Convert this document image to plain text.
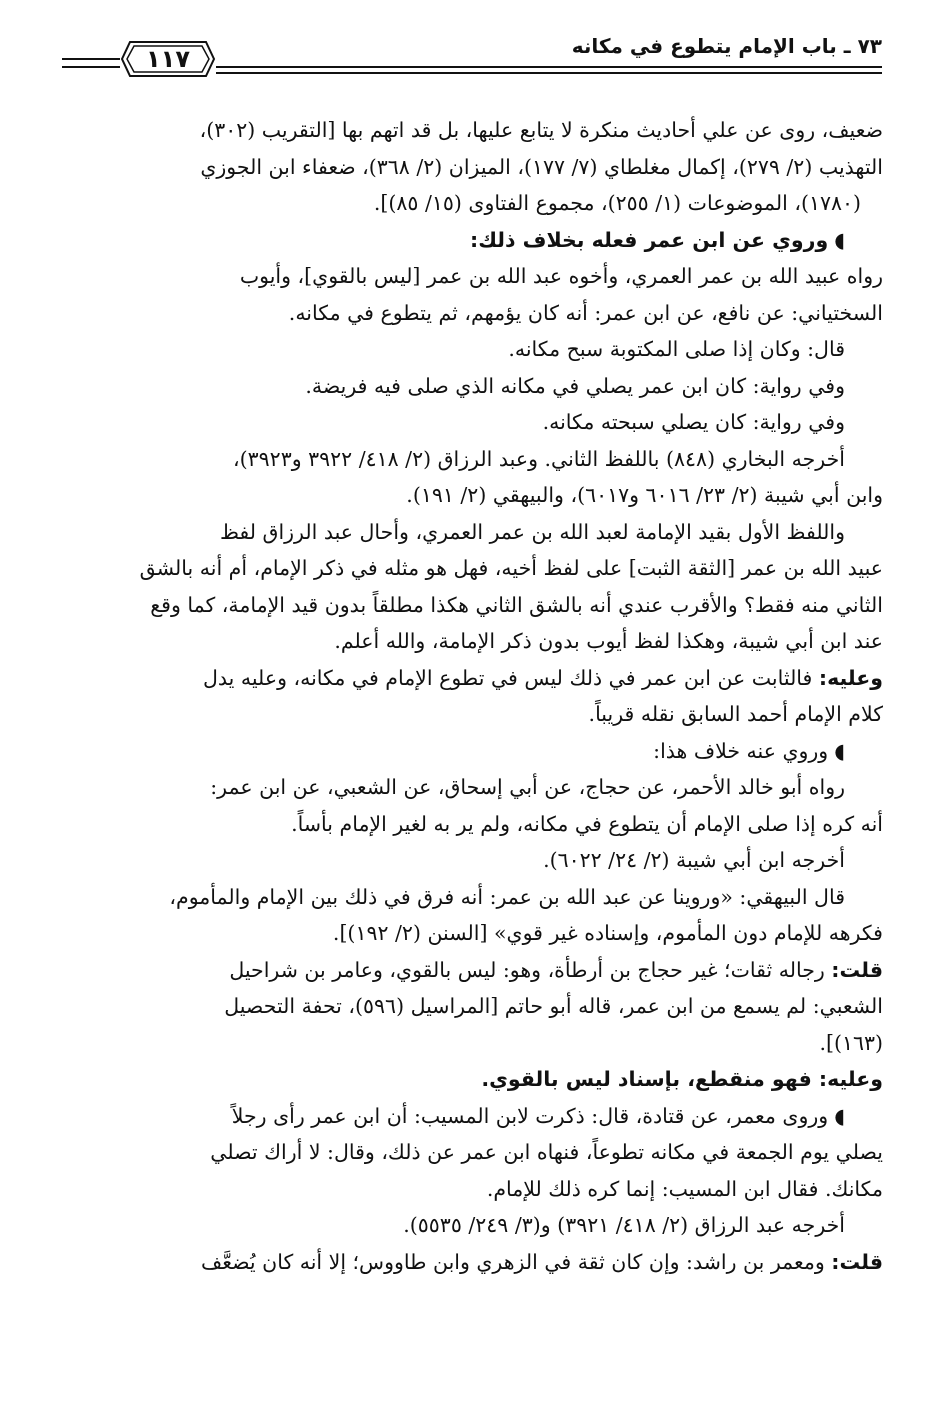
١١٧	٧٣ ـ باب الإمام يتطوع في مكانه

ضعيف، روى عن علي أحاديث منكرة لا يتابع عليها، بل قد اتهم بها [التقريب (٣٠٢)،

التهذيب (٢/ ٢٧٩)، إكمال مغلطاي (٧/ ١٧٧)، الميزان (٢/ ٣٦٨)، ضعفاء ابن الجوزي

(١٧٨٠)، الموضوعات (١/ ٢٥٥)، مجموع الفتاوى (١٥/ ٨٥)].

◖وروي عن ابن عمر فعله بخلاف ذلك:

رواه عبيد الله بن عمر العمري، وأخوه عبد الله بن عمر [ليس بالقوي]، وأيوب

السختياني: عن نافع، عن ابن عمر: أنه كان يؤمهم، ثم يتطوع في مكانه.

قال: وكان إذا صلى المكتوبة سبح مكانه.

وفي رواية: كان ابن عمر يصلي في مكانه الذي صلى فيه فريضة.

وفي رواية: كان يصلي سبحته مكانه.

أخرجه البخاري (٨٤٨) باللفظ الثاني. وعبد الرزاق (٢/ ٤١٨/ ٣٩٢٢ و٣٩٢٣)،

وابن أبي شيبة (٢/ ٢٣/ ٦٠١٦ و٦٠١٧)، والبيهقي (٢/ ١٩١).

واللفظ الأول بقيد الإمامة لعبد الله بن عمر العمري، وأحال عبد الرزاق لفظ

عبيد الله بن عمر [الثقة الثبت] على لفظ أخيه، فهل هو مثله في ذكر الإمام، أم أنه بالشق

الثاني منه فقط؟ والأقرب عندي أنه بالشق الثاني هكذا مطلقاً بدون قيد الإمامة، كما وقع

عند ابن أبي شيبة، وهكذا لفظ أيوب بدون ذكر الإمامة، والله أعلم.

وعليه: فالثابت عن ابن عمر في ذلك ليس في تطوع الإمام في مكانه، وعليه يدل

كلام الإمام أحمد السابق نقله قريباً.

◖وروي عنه خلاف هذا:

رواه أبو خالد الأحمر، عن حجاج، عن أبي إسحاق، عن الشعبي، عن ابن عمر:

أنه كره إذا صلى الإمام أن يتطوع في مكانه، ولم ير به لغير الإمام بأساً.

أخرجه ابن أبي شيبة (٢/ ٢٤/ ٦٠٢٢).

قال البيهقي: «وروينا عن عبد الله بن عمر: أنه فرق في ذلك بين الإمام والمأموم،

فكرهه للإمام دون المأموم، وإسناده غير قوي» [السنن (٢/ ١٩٢)].

قلت: رجاله ثقات؛ غير حجاج بن أرطأة، وهو: ليس بالقوي، وعامر بن شراحيل

الشعبي: لم يسمع من ابن عمر، قاله أبو حاتم [المراسيل (٥٩٦)، تحفة التحصيل

(١٦٣)].

وعليه: فهو منقطع، بإسناد ليس بالقوي.

◖وروى معمر، عن قتادة، قال: ذكرت لابن المسيب: أن ابن عمر رأى رجلاً

يصلي يوم الجمعة في مكانه تطوعاً، فنهاه ابن عمر عن ذلك، وقال: لا أراك تصلي

مكانك. فقال ابن المسيب: إنما كره ذلك للإمام.

أخرجه عبد الرزاق (٢/ ٤١٨/ ٣٩٢١) و(٣/ ٢٤٩/ ٥٥٣٥).

قلت: ومعمر بن راشد: وإن كان ثقة في الزهري وابن طاووس؛ إلا أنه كان يُضعَّف
